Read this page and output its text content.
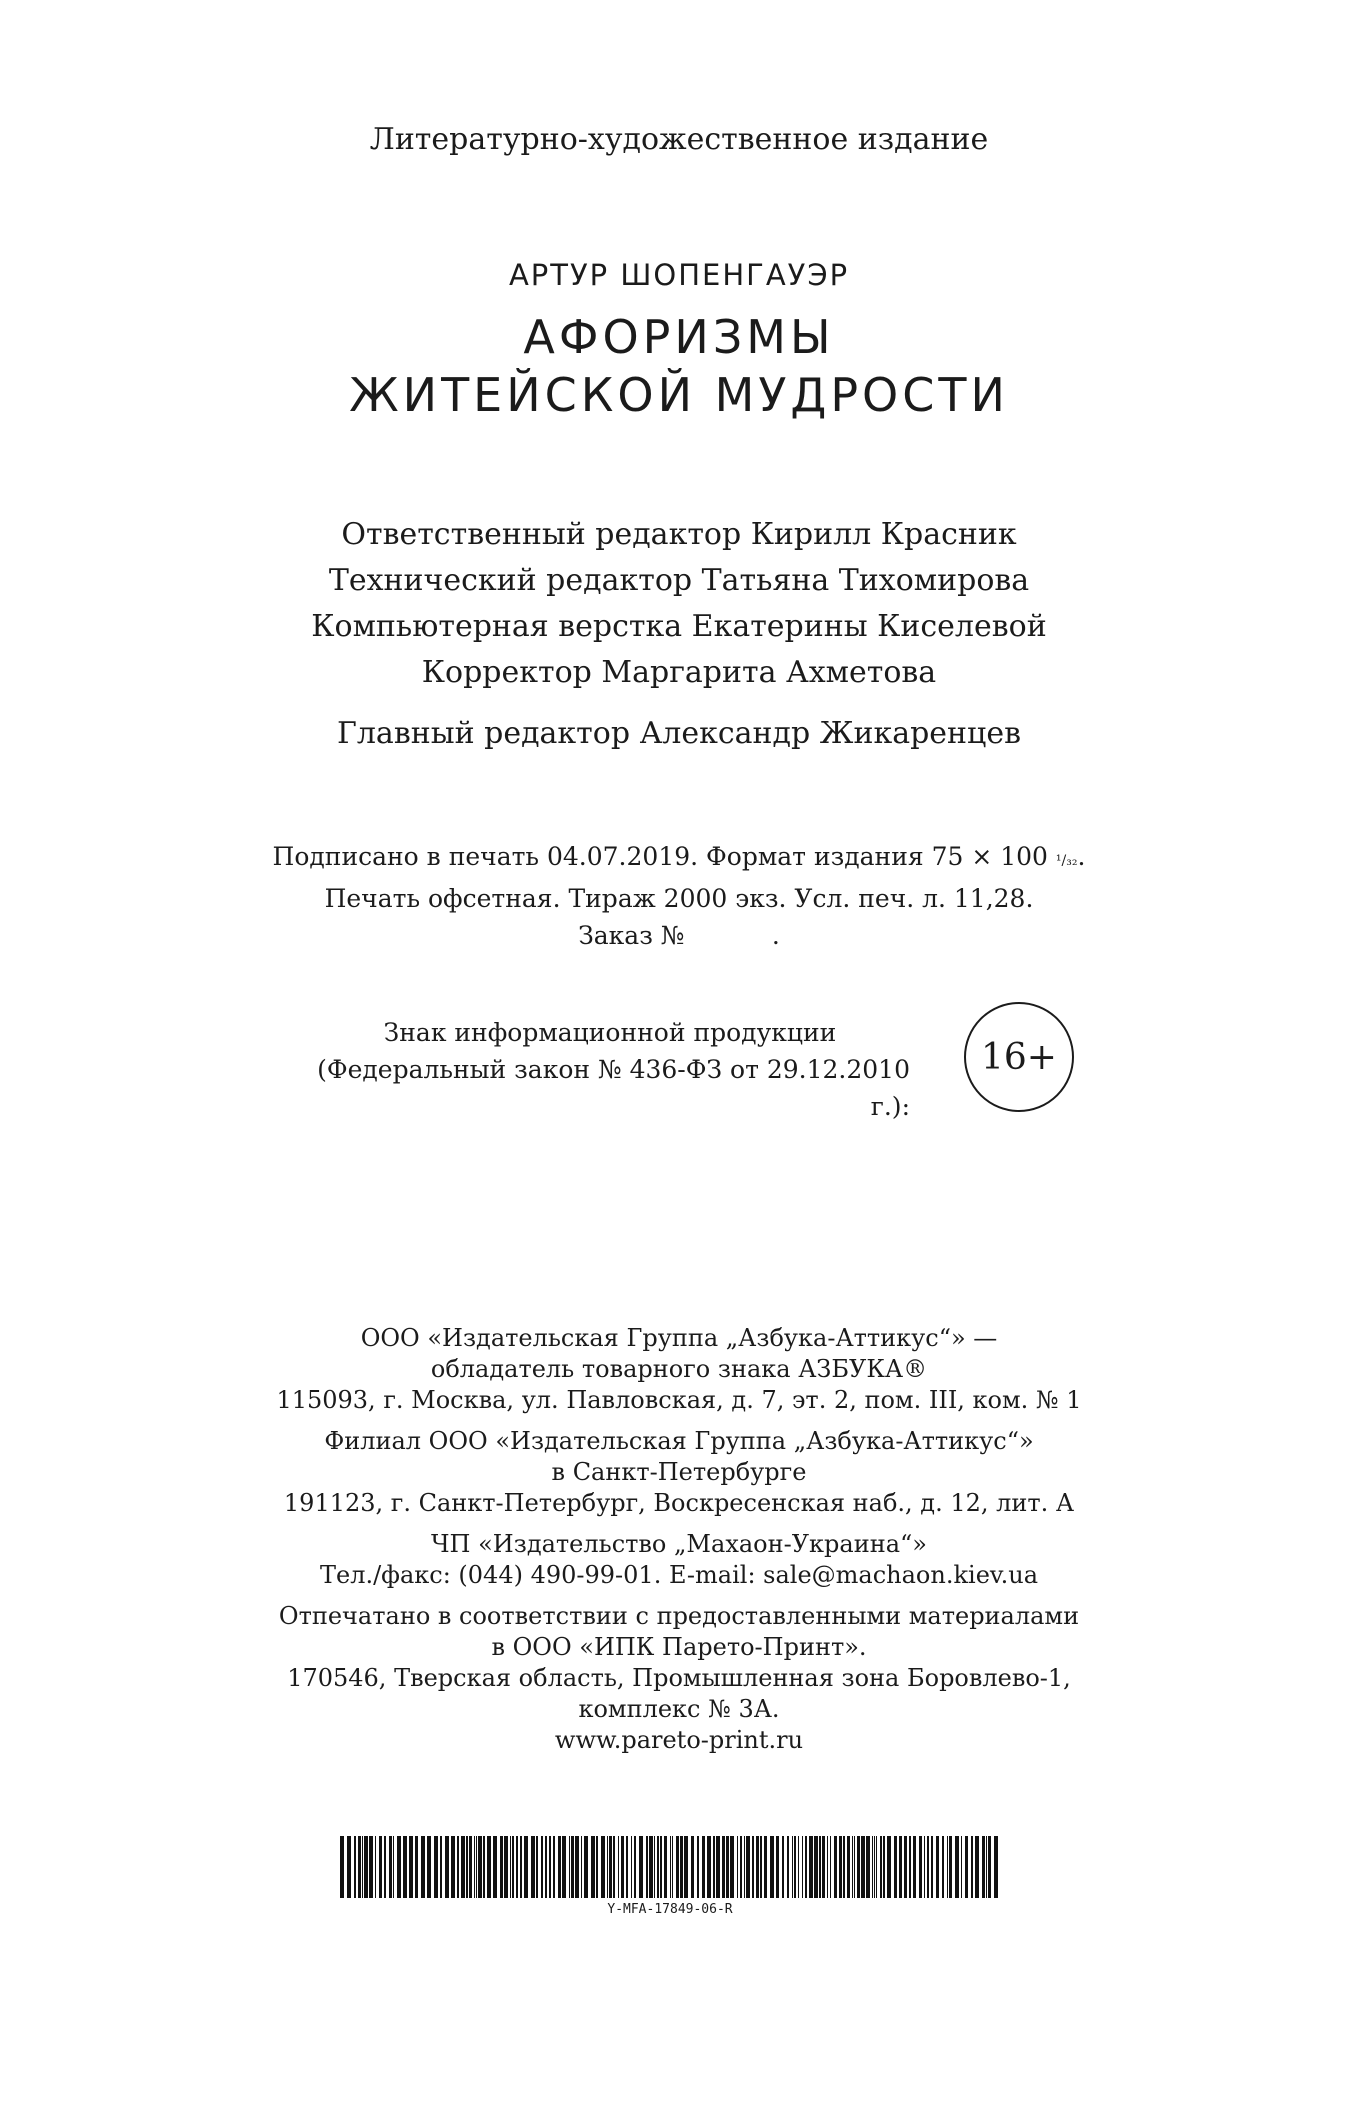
Литературно-художественное издание
АРТУР ШОПЕНГАУЭР
АФОРИЗМЫ
ЖИТЕЙСКОЙ МУДРОСТИ
Ответственный редактор Кирилл Красник
Технический редактор Татьяна Тихомирова
Компьютерная верстка Екатерины Киселевой
Корректор Маргарита Ахметова
Главный редактор Александр Жикаренцев
Подписано в печать 04.07.2019. Формат издания 75 × 100 ¹/₃₂.
Печать офсетная. Тираж 2000 экз. Усл. печ. л. 11,28.
Заказ №           .
Знак информационной продукции
(Федеральный закон № 436-ФЗ от 29.12.2010 г.):
16+
ООО «Издательская Группа „Азбука-Аттикус“» —
обладатель товарного знака АЗБУКА®
115093, г. Москва, ул. Павловская, д. 7, эт. 2, пом. III, ком. № 1
Филиал ООО «Издательская Группа „Азбука-Аттикус“»
в Санкт-Петербурге
191123, г. Санкт-Петербург, Воскресенская наб., д. 12, лит. А
ЧП «Издательство „Махаон-Украина“»
Тел./факс: (044) 490-99-01. E-mail: sale@machaon.kiev.ua
Отпечатано в соответствии с предоставленными материалами
в ООО «ИПК Парето-Принт».
170546, Тверская область, Промышленная зона Боровлево-1,
комплекс № 3А.
www.pareto-print.ru
Y-MFA-17849-06-R
